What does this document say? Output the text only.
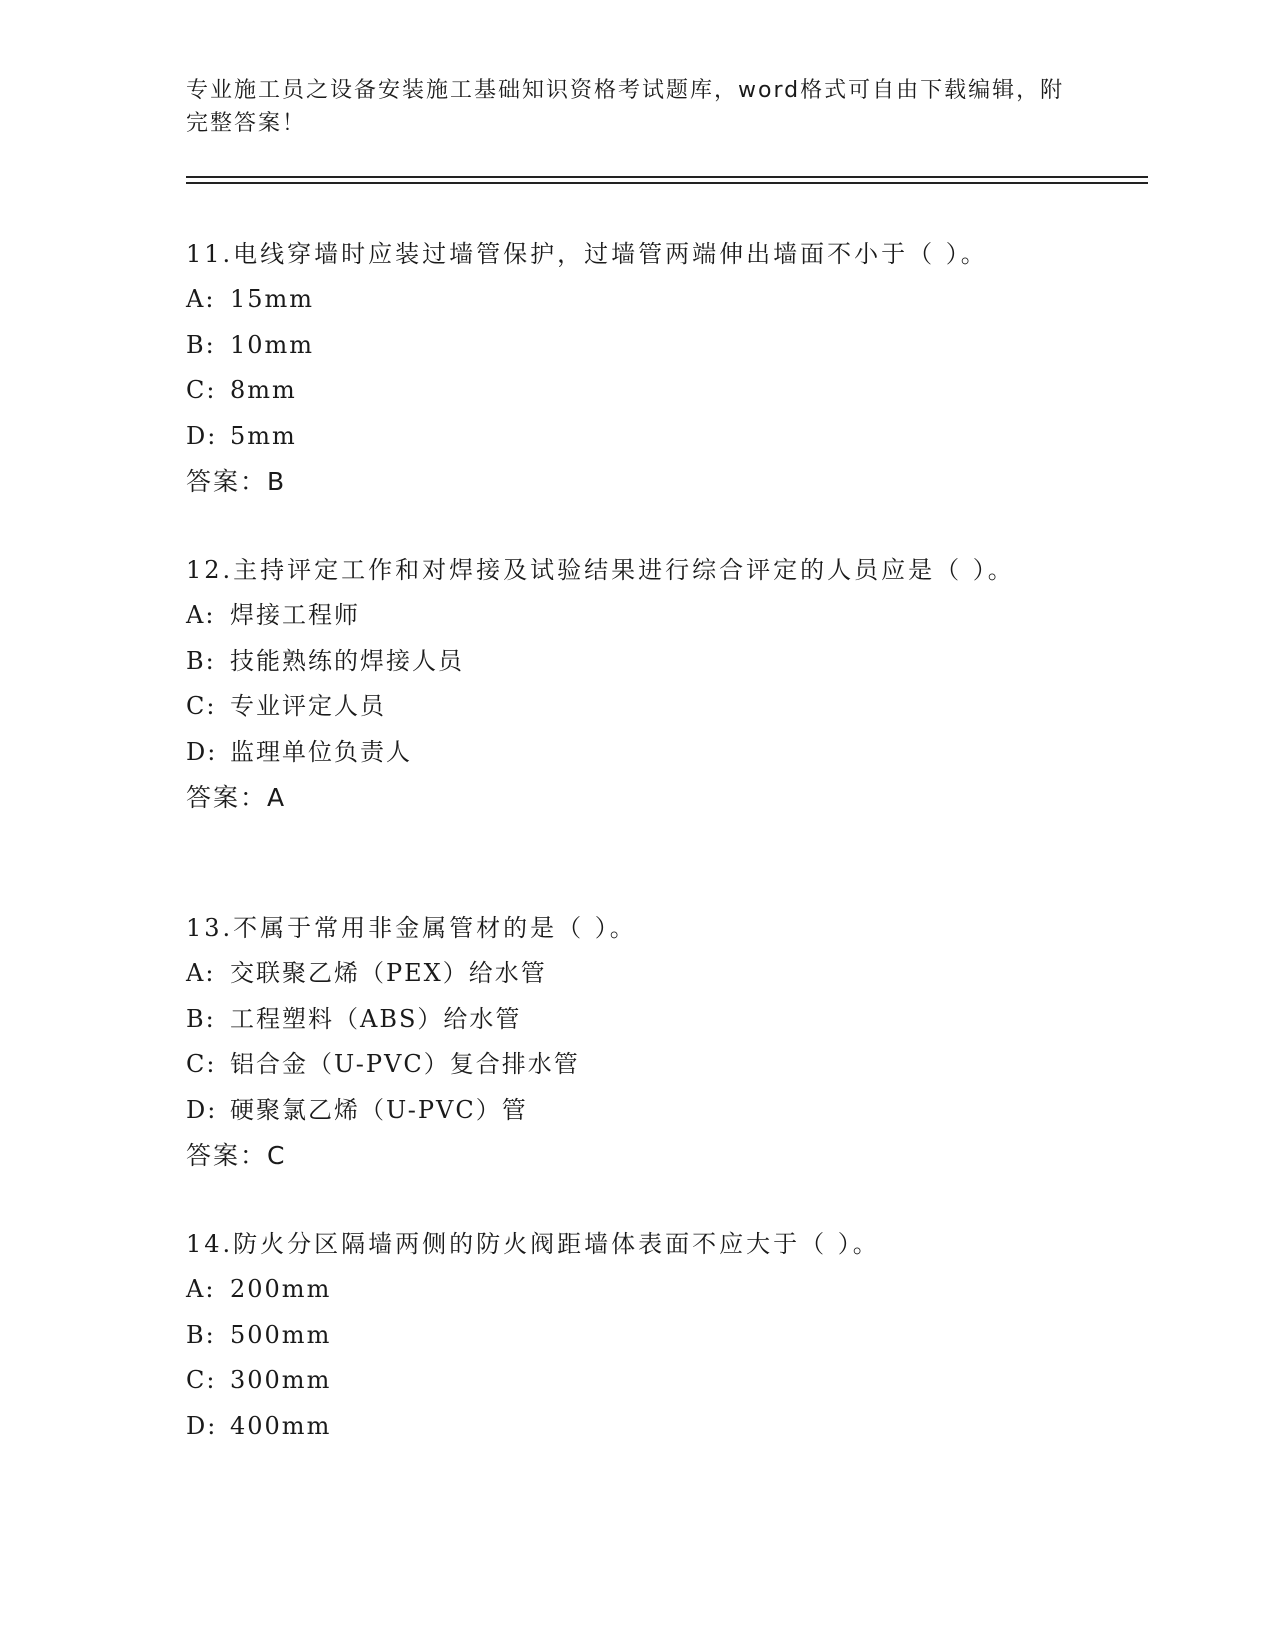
专业施工员之设备安装施工基础知识资格考试题库，word格式可自由下载编辑，附完整答案！
11.电线穿墙时应装过墙管保护，过墙管两端伸出墙面不小于（ ）。
A: 15mm
B: 10mm
C: 8mm
D: 5mm
答案：B
12.主持评定工作和对焊接及试验结果进行综合评定的人员应是（ ）。
A: 焊接工程师
B: 技能熟练的焊接人员
C: 专业评定人员
D: 监理单位负责人
答案：A
13.不属于常用非金属管材的是（ ）。
A: 交联聚乙烯（PEX）给水管
B: 工程塑料（ABS）给水管
C: 铝合金（U-PVC）复合排水管
D: 硬聚氯乙烯（U-PVC）管
答案：C
14.防火分区隔墙两侧的防火阀距墙体表面不应大于（ ）。
A: 200mm
B: 500mm
C: 300mm
D: 400mm
